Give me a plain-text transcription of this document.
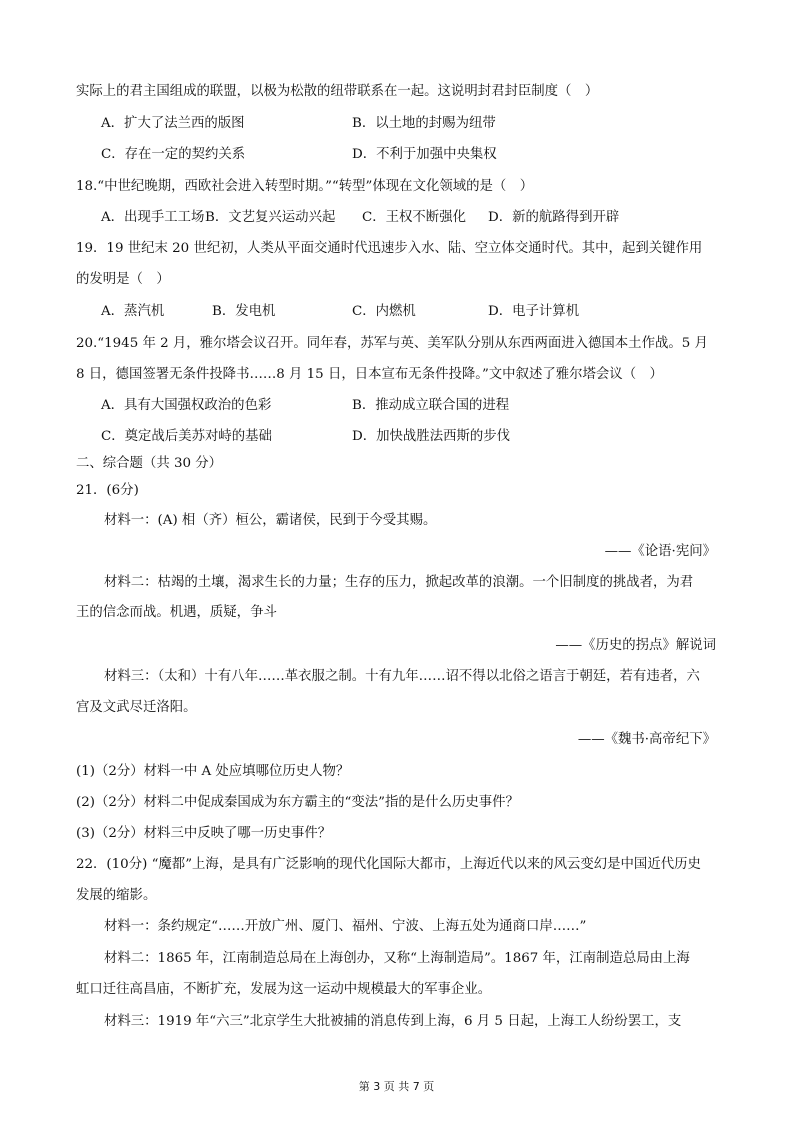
实际上的君主国组成的联盟，以极为松散的纽带联系在一起。这说明封君封臣制度（　）
A．扩大了法兰西的版图	B．以土地的封赐为纽带
C．存在一定的契约关系	D．不利于加强中央集权
18.“中世纪晚期，西欧社会进入转型时期。”“转型”体现在文化领域的是（　）
A．出现手工工场 B．文艺复兴运动兴起 C．王权不断强化 D．新的航路得到开辟
19．19 世纪末 20 世纪初，人类从平面交通时代迅速步入水、陆、空立体交通时代。其中，起到关键作用
的发明是（　）
A．蒸汽机	B．发电机	C．内燃机	D．电子计算机
20.“1945 年 2 月，雅尔塔会议召开。同年春，苏军与英、美军队分别从东西两面进入德国本土作战。5 月
8 日，德国签署无条件投降书……8 月 15 日，日本宣布无条件投降。”文中叙述了雅尔塔会议（　）
A．具有大国强权政治的色彩	B．推动成立联合国的进程
C．奠定战后美苏对峙的基础	D．加快战胜法西斯的步伐
二、综合题（共 30 分）
21．(6分)
材料一：(A) 相（齐）桓公，霸诸侯，民到于今受其赐。
——《论语·宪问》
材料二：枯竭的土壤，渴求生长的力量；生存的压力，掀起改革的浪潮。一个旧制度的挑战者，为君
王的信念而战。机遇，质疑，争斗
——《历史的拐点》解说词
材料三：（太和）十有八年……革衣服之制。十有九年……诏不得以北俗之语言于朝廷，若有违者，六
宫及文武尽迁洛阳。
——《魏书·高帝纪下》
(1)（2分）材料一中 A 处应填哪位历史人物？
(2)（2分）材料二中促成秦国成为东方霸主的“变法”指的是什么历史事件？
(3)（2分）材料三中反映了哪一历史事件？
22．(10分) “魔都”上海，是具有广泛影响的现代化国际大都市，上海近代以来的风云变幻是中国近代历史
发展的缩影。
材料一：条约规定“……开放广州、厦门、福州、宁波、上海五处为通商口岸……”
材料二：1865 年，江南制造总局在上海创办，又称“上海制造局”。1867 年，江南制造总局由上海
虹口迁往高昌庙，不断扩充，发展为这一运动中规模最大的军事企业。
材料三：1919 年“六三”北京学生大批被捕的消息传到上海，6 月 5 日起，上海工人纷纷罢工，支
第 3 页 共 7 页
